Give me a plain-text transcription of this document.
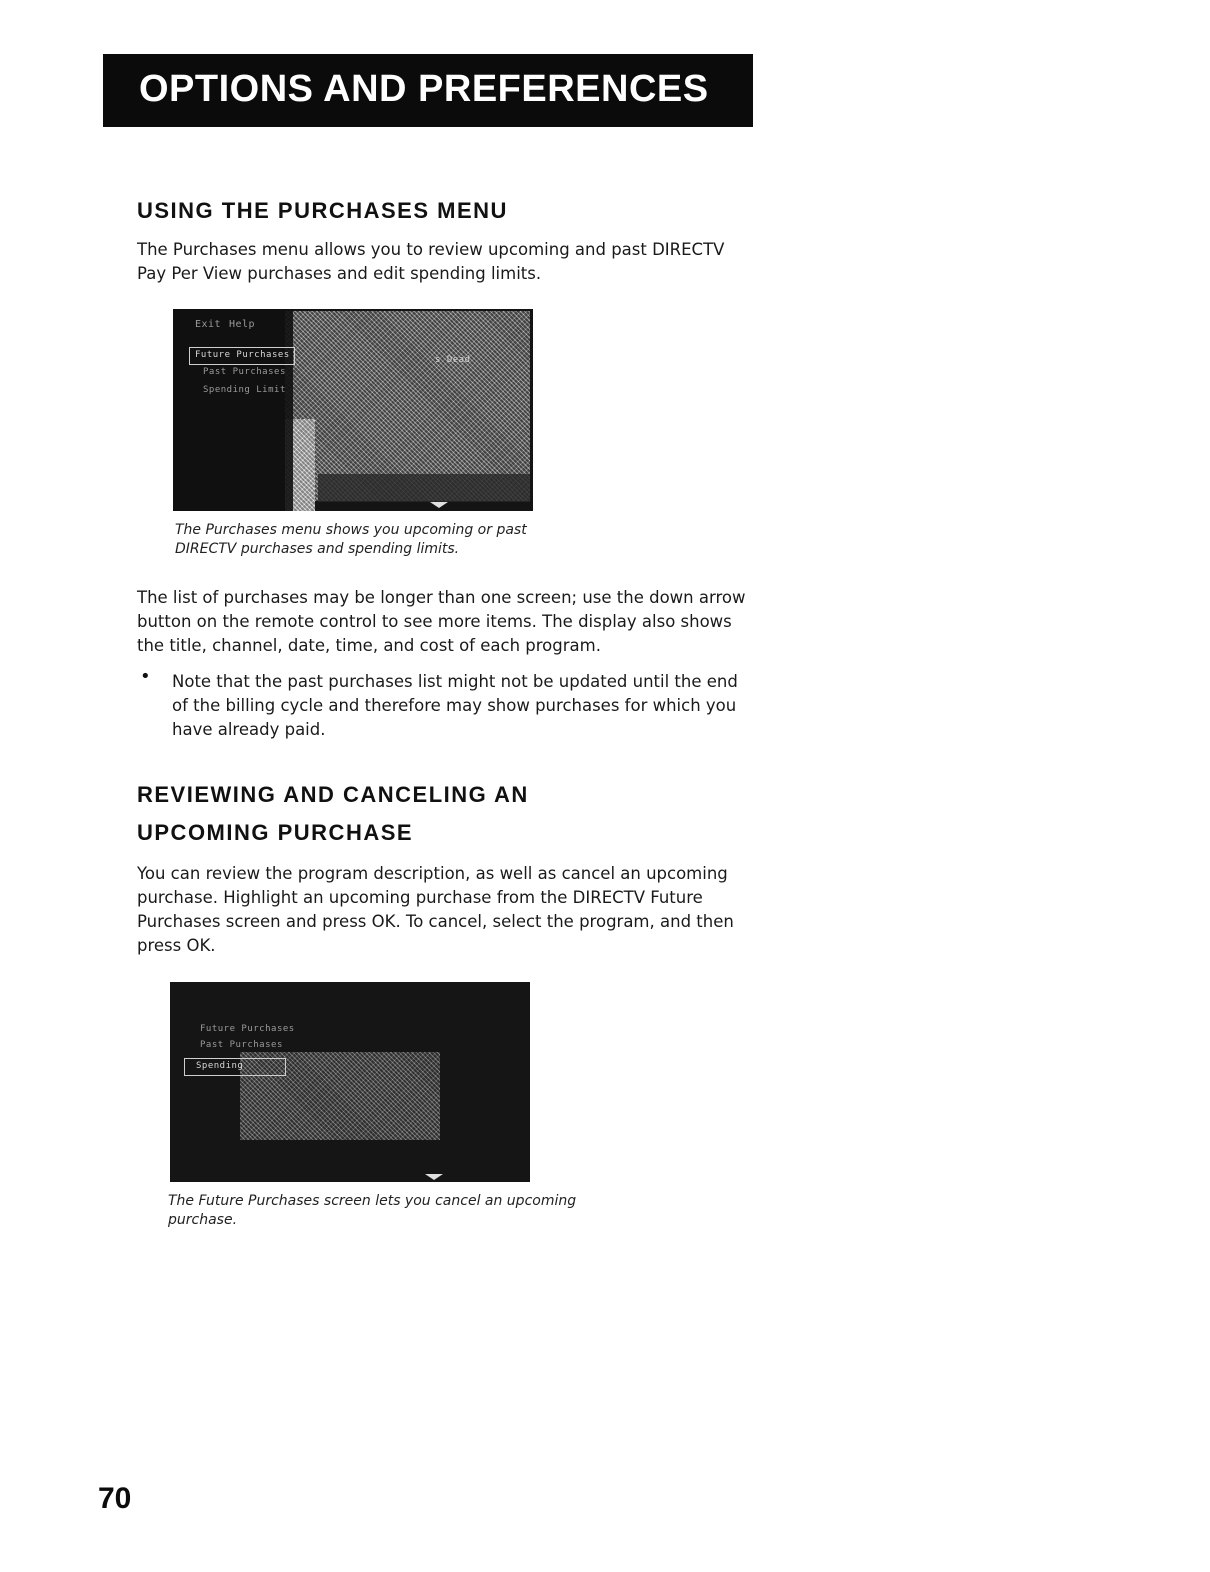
OPTIONS AND PREFERENCES
USING THE PURCHASES MENU
The Purchases menu allows you to review upcoming and past DIRECTV Pay Per View purchases and edit spending limits.
Exit Help
Future Purchases
Past Purchases
Spending Limit
s Dead
The Purchases menu shows you upcoming or past DIRECTV purchases and spending limits.
The list of purchases may be longer than one screen; use the down arrow button on the remote control to see more items. The display also shows the title, channel, date, time, and cost of each program.
• Note that the past purchases list might not be updated until the end of the billing cycle and therefore may show purchases for which you have already paid.
REVIEWING AND CANCELING AN
UPCOMING PURCHASE
You can review the program description, as well as cancel an upcoming purchase. Highlight an upcoming purchase from the DIRECTV Future Purchases screen and press OK. To cancel, select the program, and then press OK.
Future Purchases
Past Purchases
Spending
The Future Purchases screen lets you cancel an upcoming purchase.
70
